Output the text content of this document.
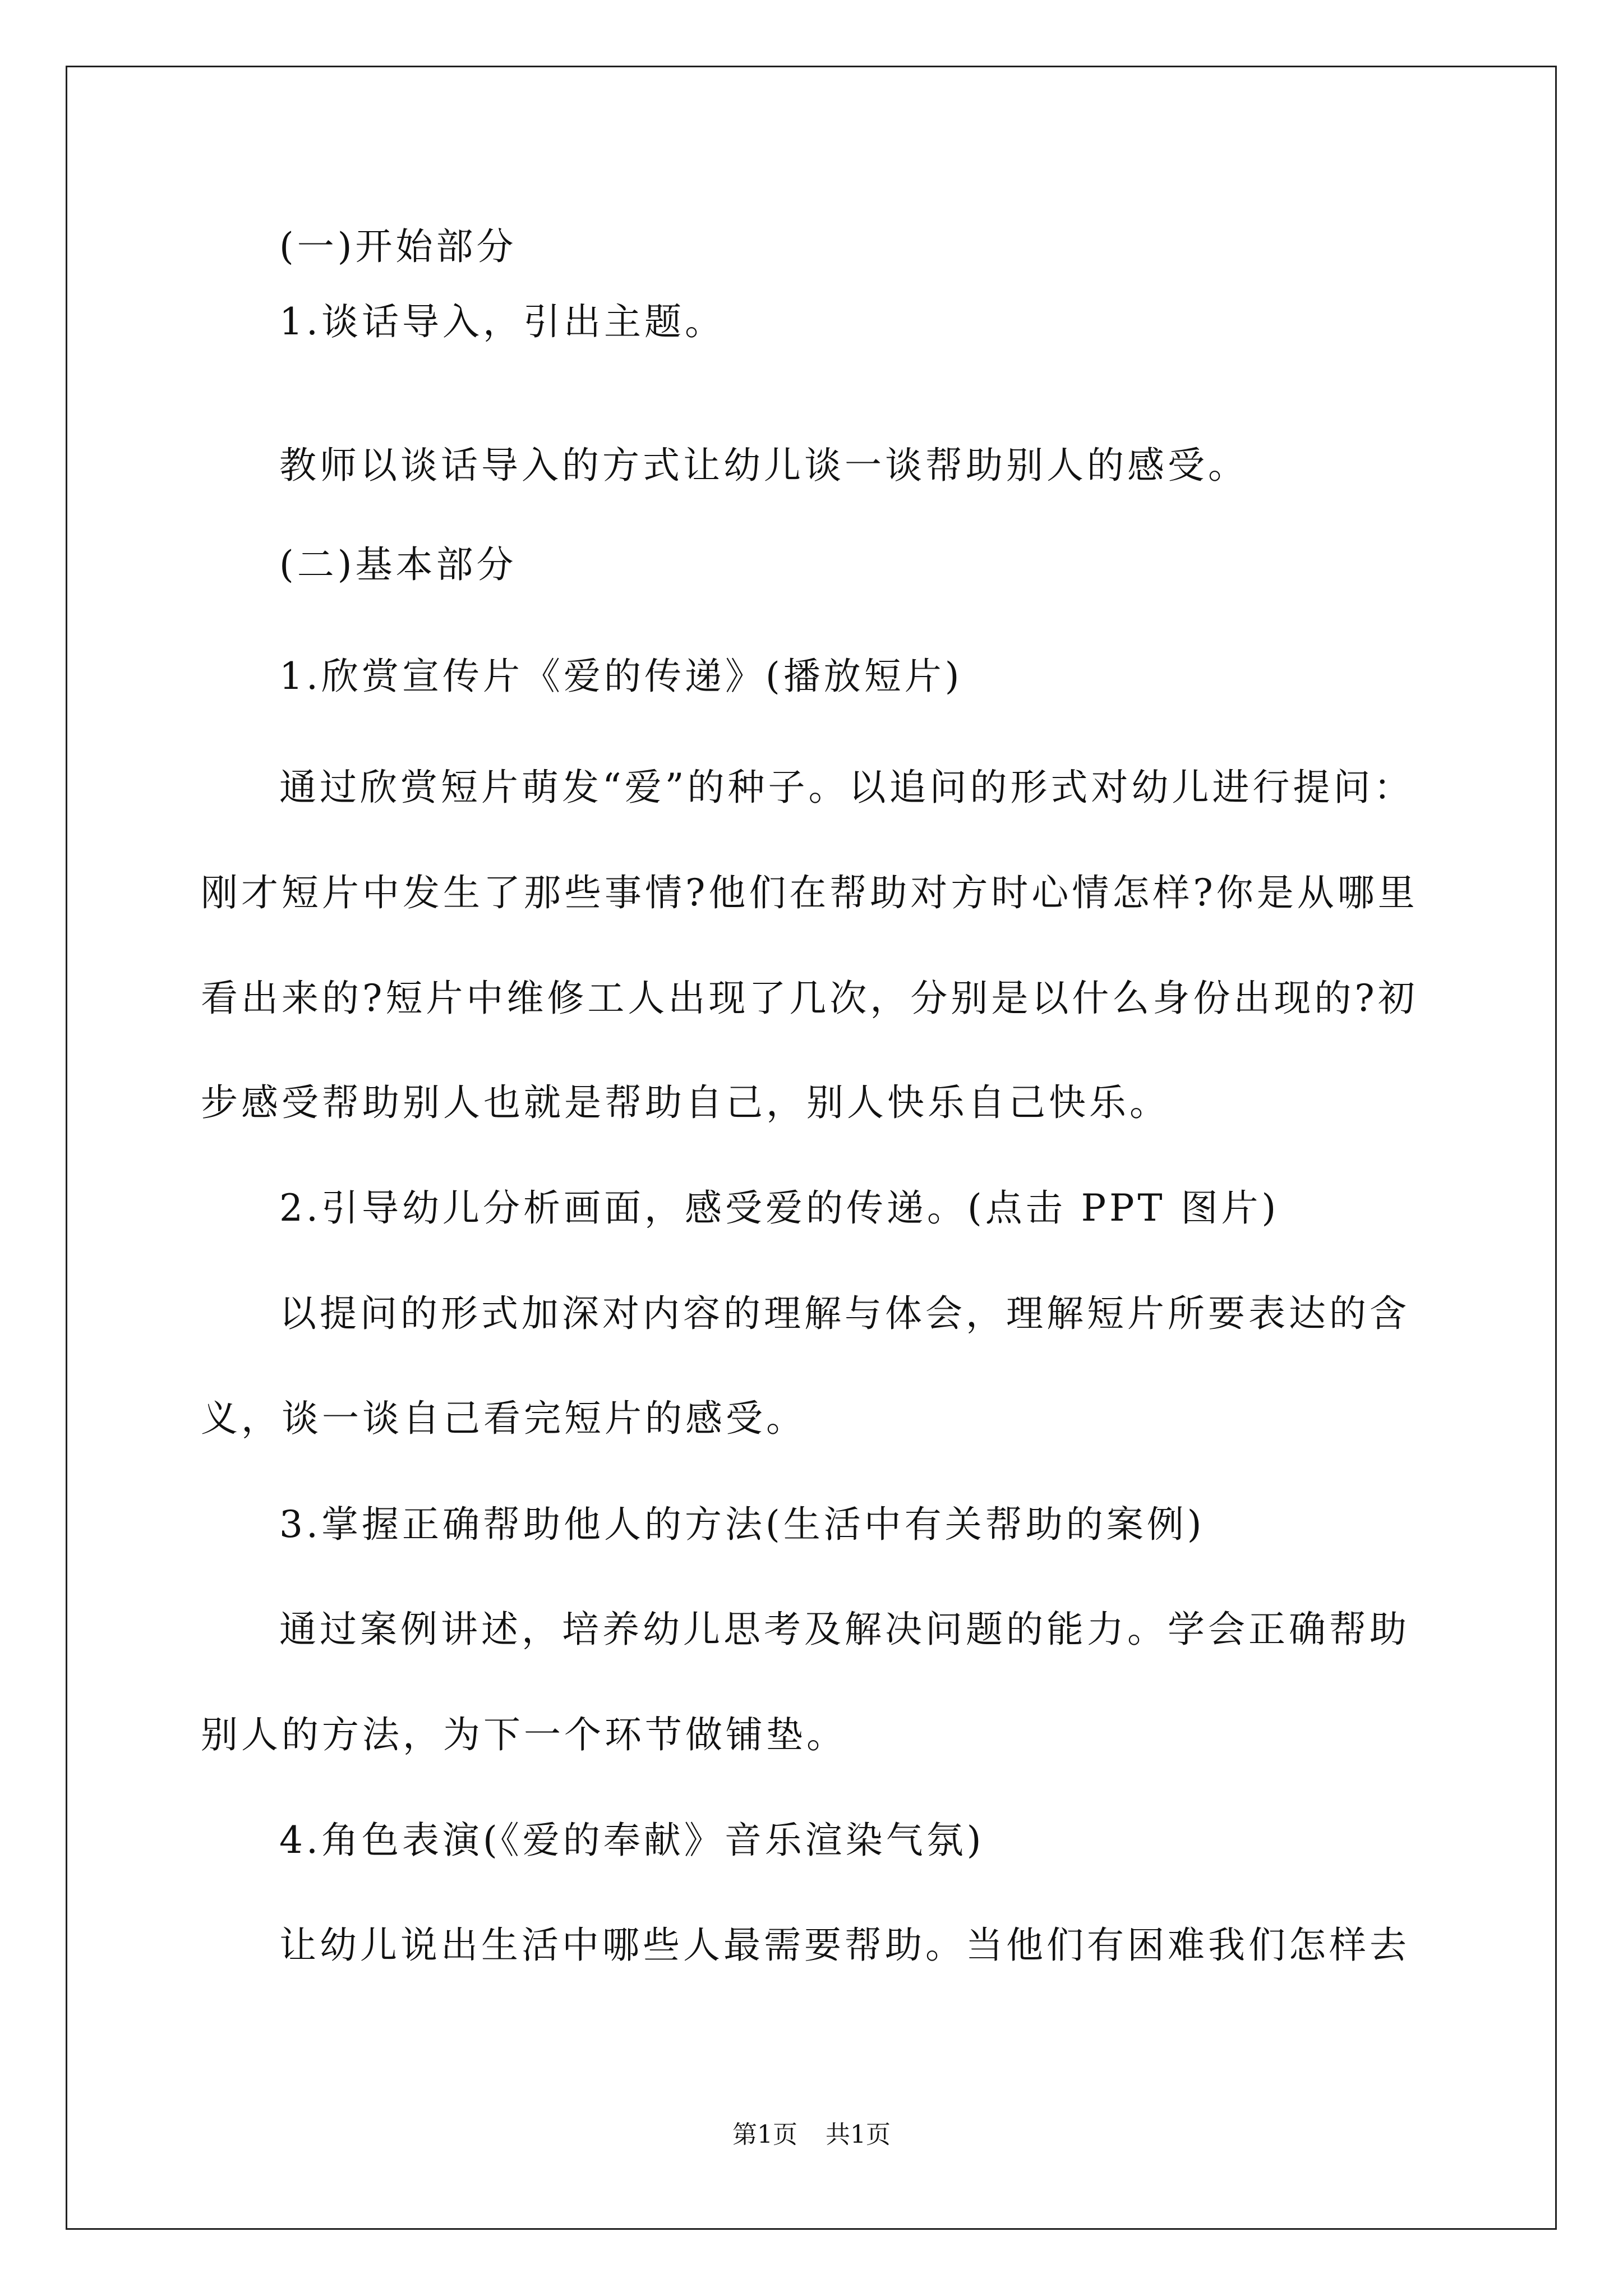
(一)开始部分
1.谈话导入，引出主题。
教师以谈话导入的方式让幼儿谈一谈帮助别人的感受。
(二)基本部分
1.欣赏宣传片《爱的传递》(播放短片)
通过欣赏短片萌发“爱”的种子。以追问的形式对幼儿进行提问：
刚才短片中发生了那些事情?他们在帮助对方时心情怎样?你是从哪里
看出来的?短片中维修工人出现了几次，分别是以什么身份出现的?初
步感受帮助别人也就是帮助自己，别人快乐自己快乐。
2.引导幼儿分析画面，感受爱的传递。(点击 PPT 图片)
以提问的形式加深对内容的理解与体会，理解短片所要表达的含
义，谈一谈自己看完短片的感受。
3.掌握正确帮助他人的方法(生活中有关帮助的案例)
通过案例讲述，培养幼儿思考及解决问题的能力。学会正确帮助
别人的方法，为下一个环节做铺垫。
4.角色表演(《爱的奉献》音乐渲染气氛)
让幼儿说出生活中哪些人最需要帮助。当他们有困难我们怎样去
第1页 共1页
